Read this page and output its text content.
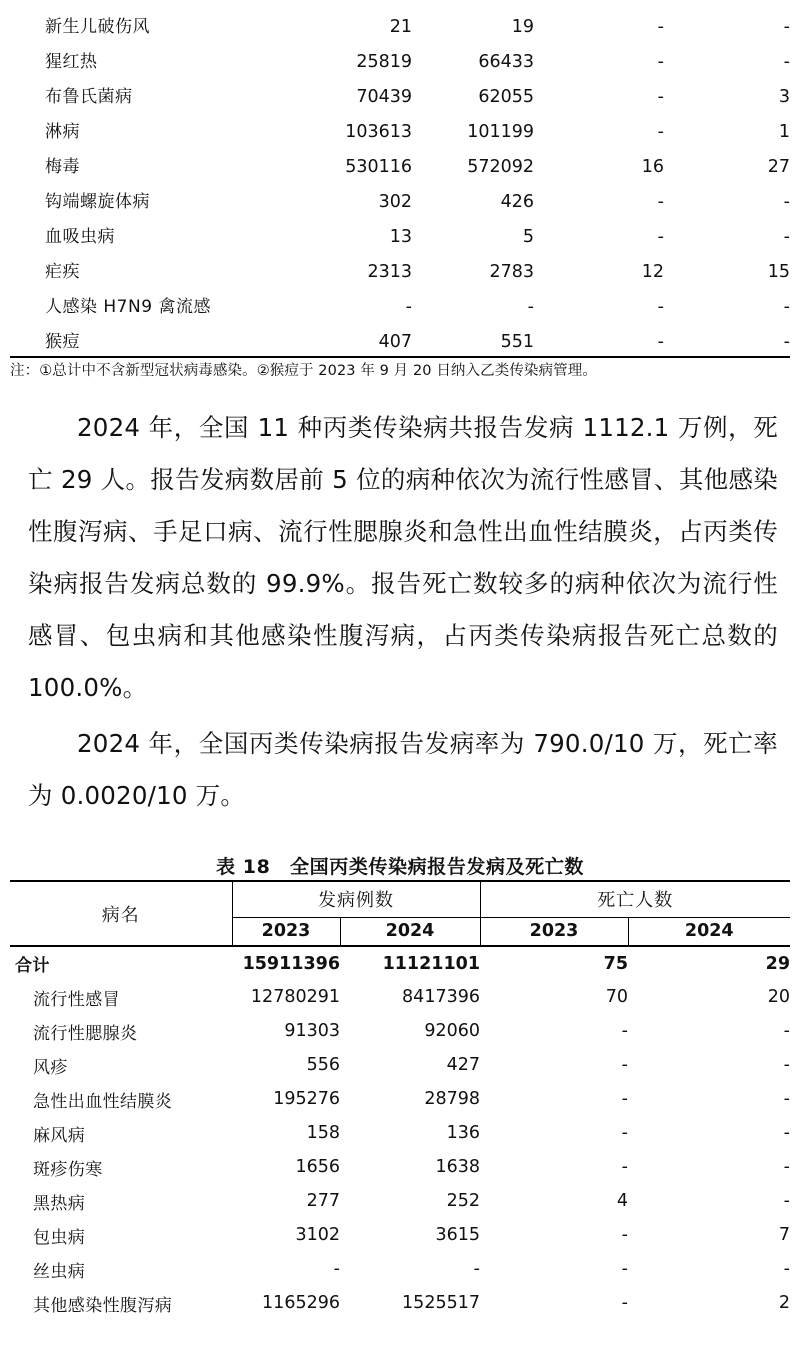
新生儿破伤风	21	19	-	-
猩红热	25819	66433	-	-
布鲁氏菌病	70439	62055	-	3
淋病	103613	101199	-	1
梅毒	530116	572092	16	27
钩端螺旋体病	302	426	-	-
血吸虫病	13	5	-	-
疟疾	2313	2783	12	15
人感染 H7N9 禽流感	-	-	-	-
猴痘	407	551	-	-
注：①总计中不含新型冠状病毒感染。②猴痘于 2023 年 9 月 20 日纳入乙类传染病管理。
2024 年，全国 11 种丙类传染病共报告发病 1112.1 万例，死亡 29 人。报告发病数居前 5 位的病种依次为流行性感冒、其他感染性腹泻病、手足口病、流行性腮腺炎和急性出血性结膜炎，占丙类传染病报告发病总数的 99.9%。报告死亡数较多的病种依次为流行性感冒、包虫病和其他感染性腹泻病，占丙类传染病报告死亡总数的 100.0%。
2024 年，全国丙类传染病报告发病率为 790.0/10 万，死亡率为 0.0020/10 万。
表 18　全国丙类传染病报告发病及死亡数
病名	发病例数		死亡人数	
	2023	2024	2023	2024

合计	15911396	11121101	75	29
流行性感冒	12780291	8417396	70	20
流行性腮腺炎	91303	92060	-	-
风疹	556	427	-	-
急性出血性结膜炎	195276	28798	-	-
麻风病	158	136	-	-
斑疹伤寒	1656	1638	-	-
黑热病	277	252	4	-
包虫病	3102	3615	-	7
丝虫病	-	-	-	-
其他感染性腹泻病	1165296	1525517	-	2
